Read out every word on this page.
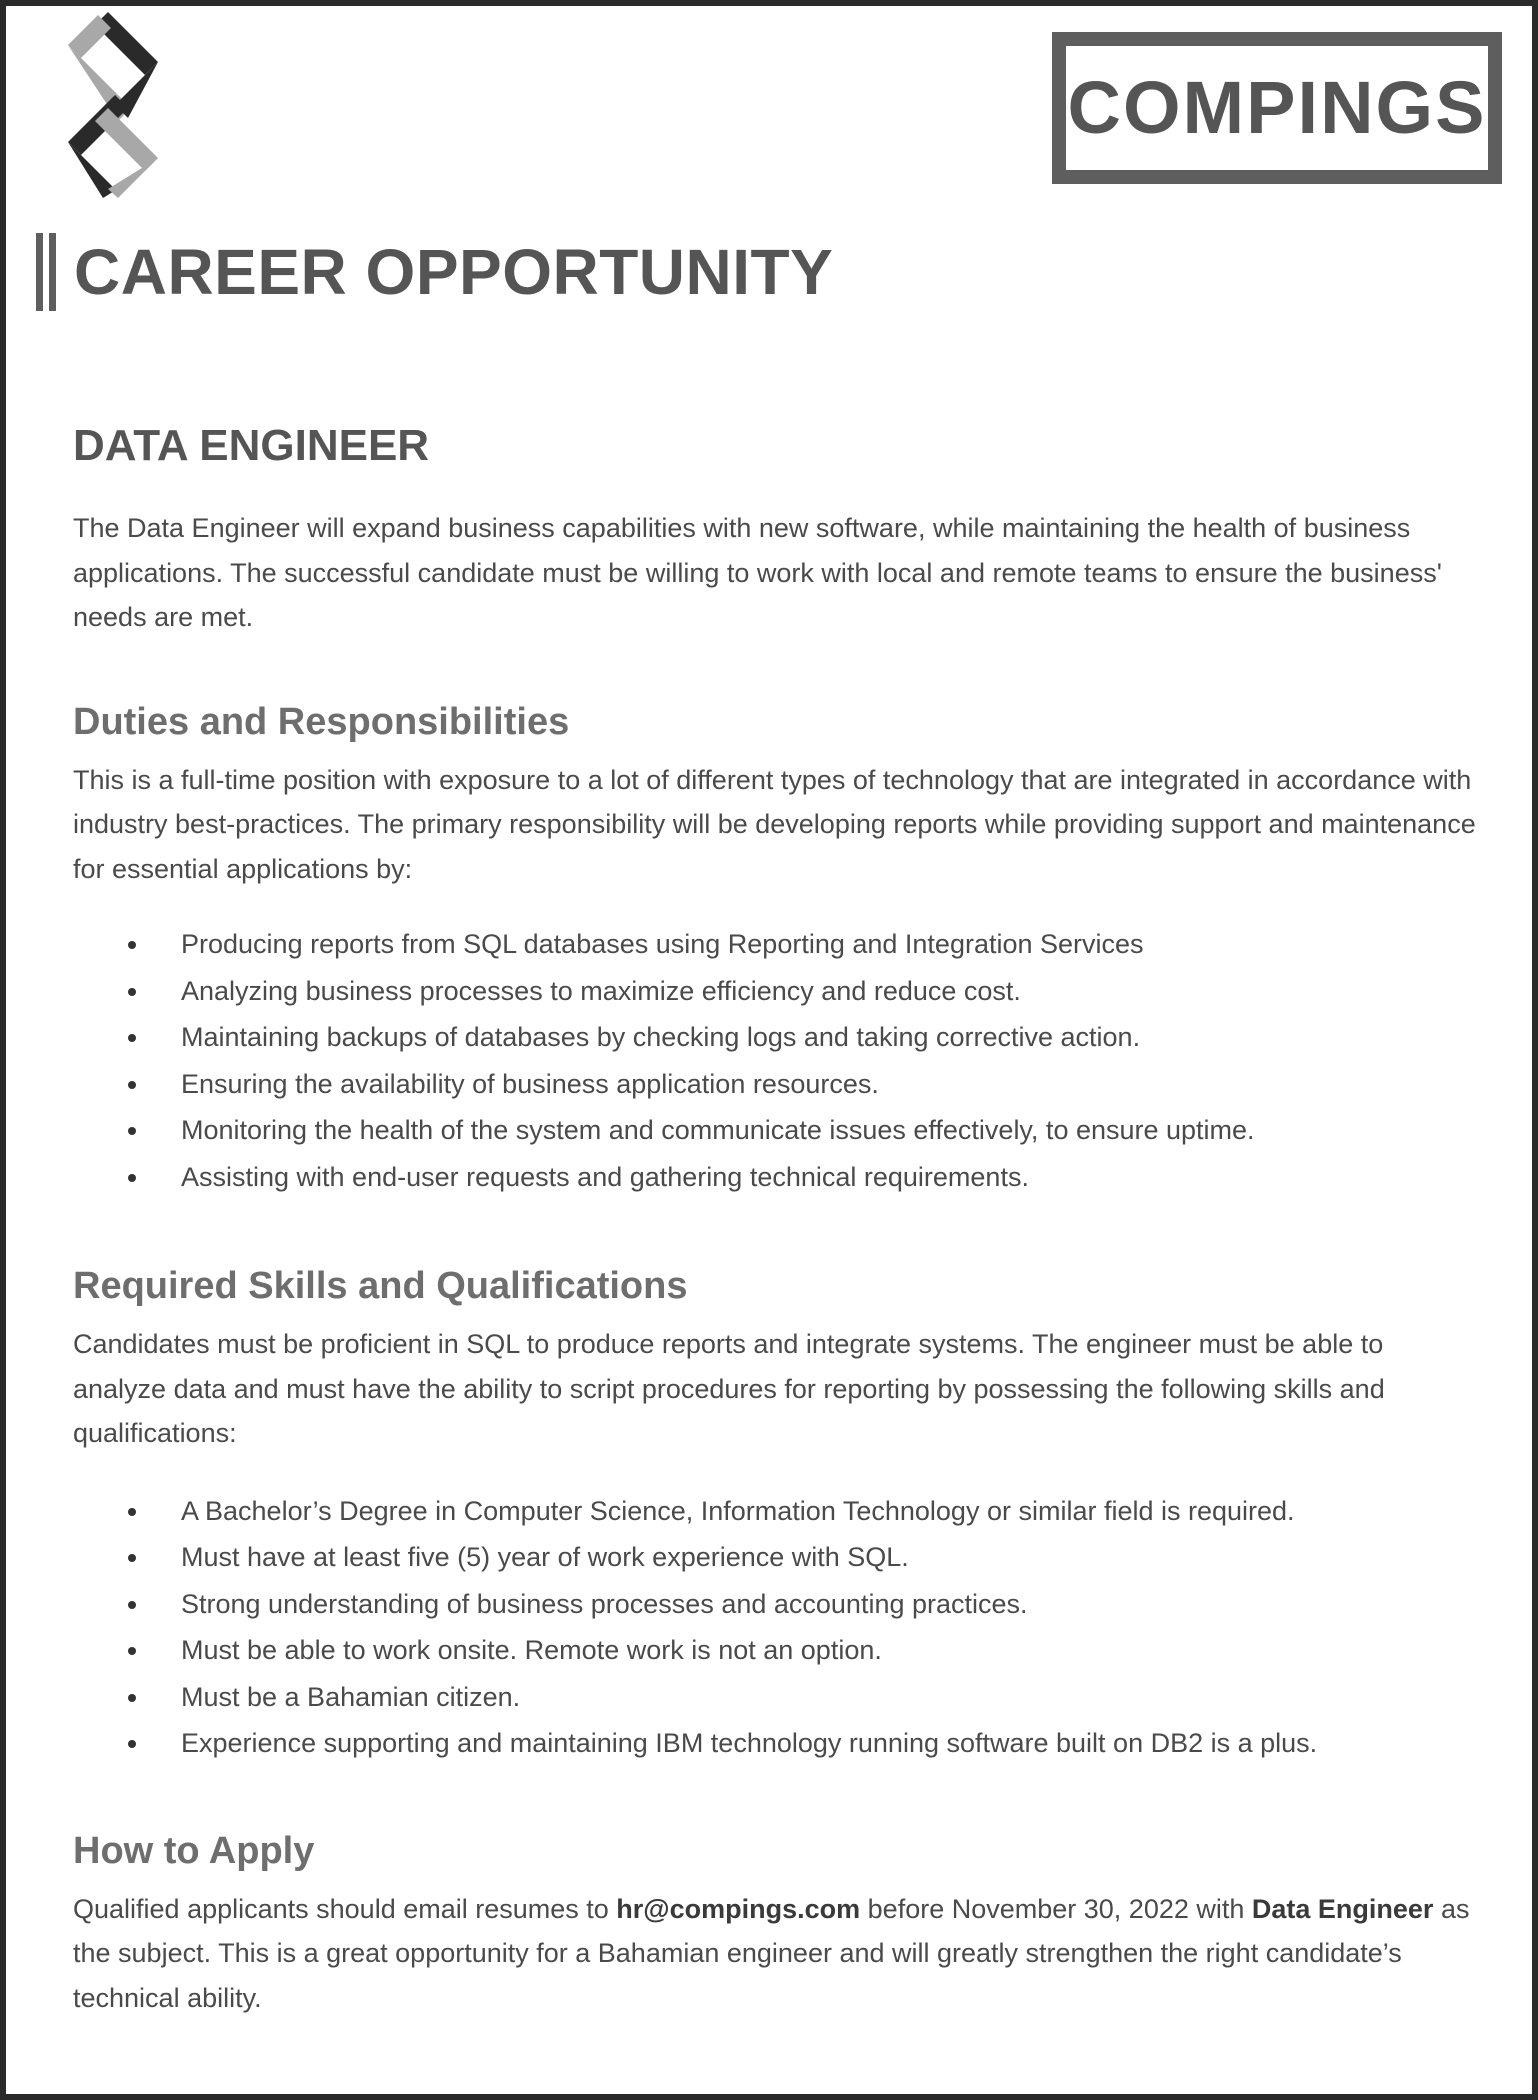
COMPINGS
CAREER OPPORTUNITY
DATA ENGINEER

The Data Engineer will expand business capabilities with new software, while maintaining the health of business applications. The successful candidate must be willing to work with local and remote teams to ensure the business' needs are met.

Duties and Responsibilities

This is a full-time position with exposure to a lot of different types of technology that are integrated in accordance with industry best-practices. The primary responsibility will be developing reports while providing support and maintenance for essential applications by:

Producing reports from SQL databases using Reporting and Integration Services
Analyzing business processes to maximize efficiency and reduce cost.
Maintaining backups of databases by checking logs and taking corrective action.
Ensuring the availability of business application resources.
Monitoring the health of the system and communicate issues effectively, to ensure uptime.
Assisting with end-user requests and gathering technical requirements.
Required Skills and Qualifications

Candidates must be proficient in SQL to produce reports and integrate systems. The engineer must be able to analyze data and must have the ability to script procedures for reporting by possessing the following skills and qualifications:

A Bachelor’s Degree in Computer Science, Information Technology or similar field is required.
Must have at least five (5) year of work experience with SQL.
Strong understanding of business processes and accounting practices.
Must be able to work onsite. Remote work is not an option.
Must be a Bahamian citizen.
Experience supporting and maintaining IBM technology running software built on DB2 is a plus.
How to Apply

Qualified applicants should email resumes to hr@compings.com before November 30, 2022 with Data Engineer as the subject. This is a great opportunity for a Bahamian engineer and will greatly strengthen the right candidate’s technical ability.
